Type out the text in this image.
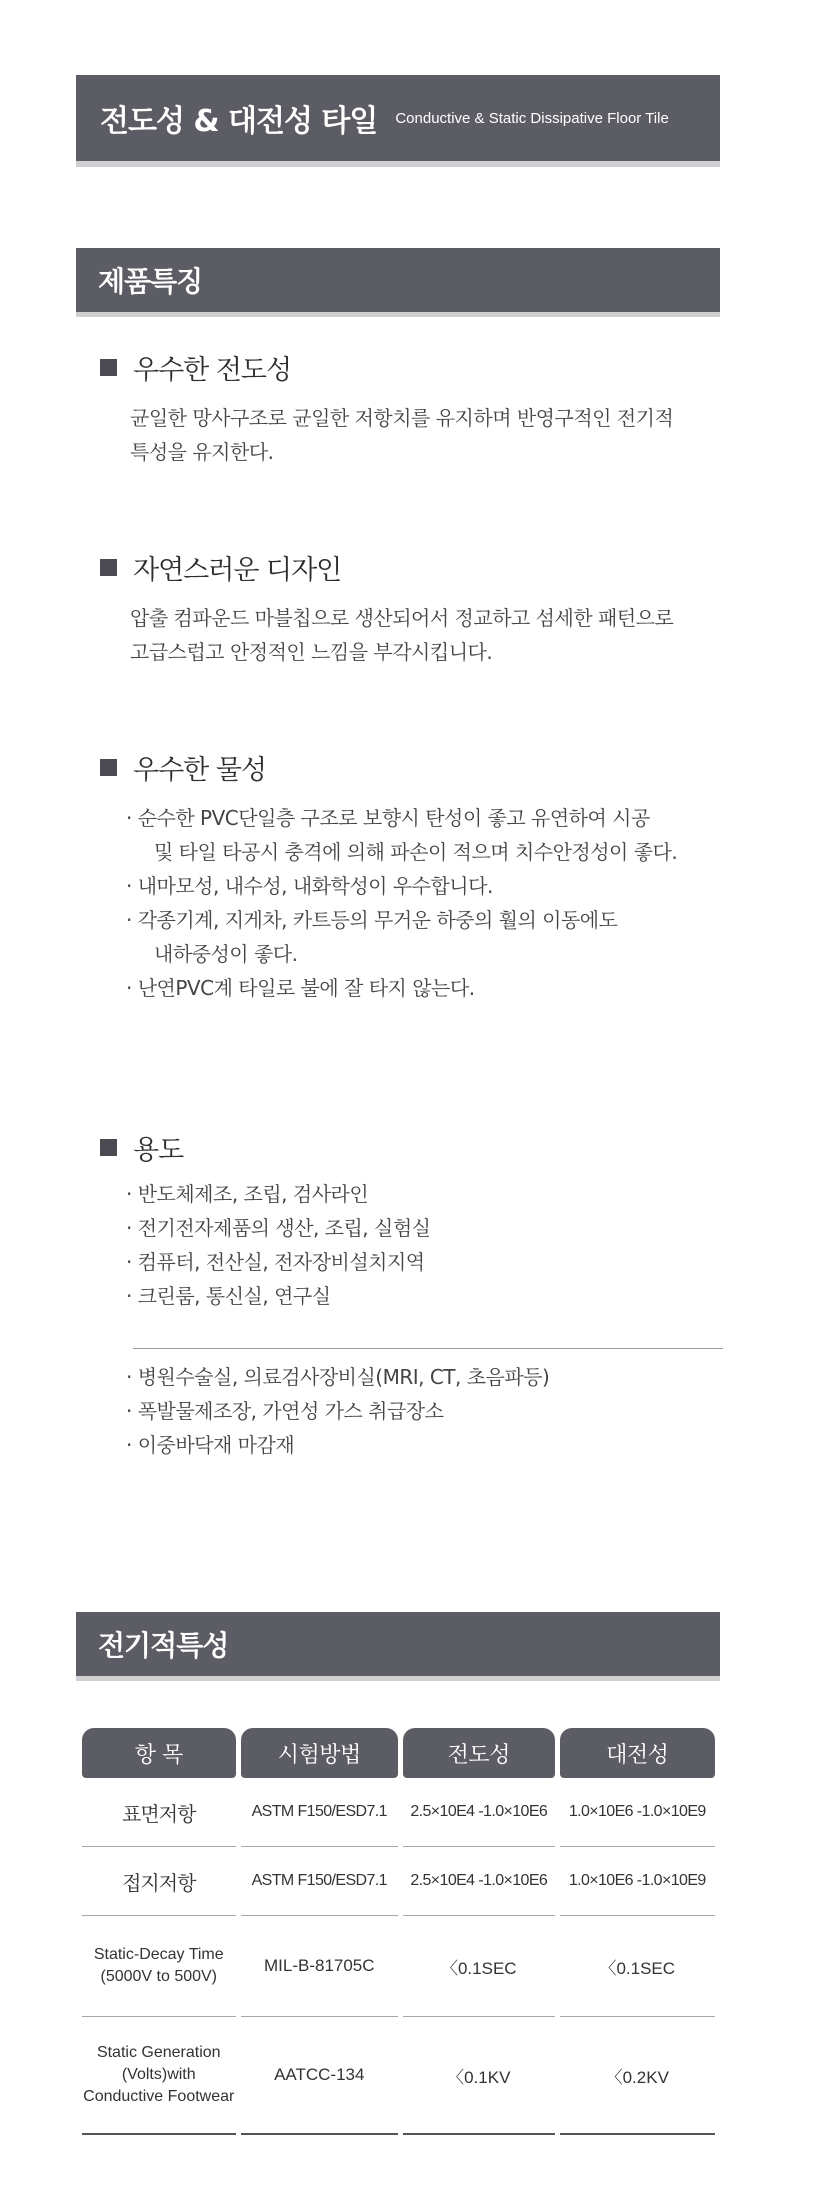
전도성 & 대전성 타일 Conductive & Static Dissipative Floor Tile
제품특징
우수한 전도성

균일한 망사구조로 균일한 저항치를 유지하며 반영구적인 전기적
특성을 유지한다.

자연스러운 디자인

압출 컴파운드 마블칩으로 생산되어서 정교하고 섬세한 패턴으로
고급스럽고 안정적인 느낌을 부각시킵니다.

우수한 물성
· 순수한 PVC단일층 구조로 보향시 탄성이 좋고 유연하여 시공
및 타일 타공시 충격에 의해 파손이 적으며 치수안정성이 좋다.
· 내마모성, 내수성, 내화학성이 우수합니다.
· 각종기계, 지게차, 카트등의 무거운 하중의 훨의 이동에도
내하중성이 좋다.
· 난연PVC계 타일로 불에 잘 타지 않는다.
용도
· 반도체제조, 조립, 검사라인
· 전기전자제품의 생산, 조립, 실험실
· 컴퓨터, 전산실, 전자장비설치지역
· 크린룸, 통신실, 연구실
· 병원수술실, 의료검사장비실(MRI, CT, 초음파등)
· 폭발물제조장, 가연성 가스 취급장소
· 이중바닥재 마감재
전기적특성
항 목	시험방법	전도성	대전성
표면저항	ASTM F150/ESD7.1	2.5×10E4 -1.0×10E6	1.0×10E6 -1.0×10E9
접지저항	ASTM F150/ESD7.1	2.5×10E4 -1.0×10E6	1.0×10E6 -1.0×10E9
Static-Decay Time
(5000V to 500V)	MIL-B-81705C	〈0.1SEC	〈0.1SEC
Static Generation
(Volts)with
Conductive Footwear	AATCC-134	〈0.1KV	〈0.2KV
